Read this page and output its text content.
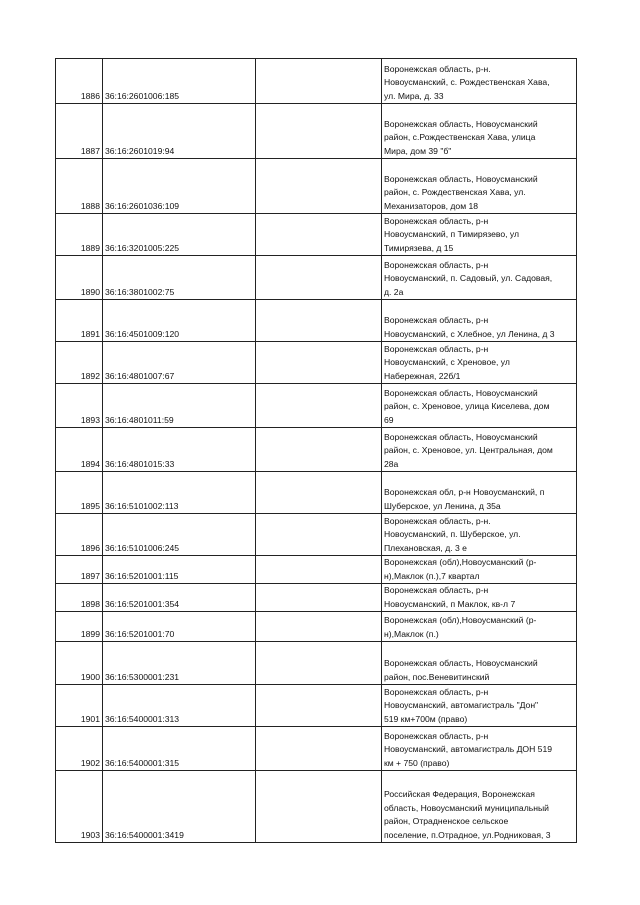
1886	36:16:2601006:185		Воронежская область, р-н.
Новоусманский, с. Рождественская Хава,
ул. Мира, д. 33

1887	36:16:2601019:94		Воронежская область, Новоусманский
район, с.Рождественская Хава, улица
Мира, дом 39 "б"

1888	36:16:2601036:109		Воронежская область, Новоусманский
район, с. Рождественская Хава, ул.
Механизаторов, дом 18

1889	36:16:3201005:225		Воронежская область, р-н
Новоусманский, п Тимирязево, ул
Тимирязева, д 15

1890	36:16:3801002:75		Воронежская область, р-н
Новоусманский, п. Садовый, ул. Садовая,
д. 2а

1891	36:16:4501009:120		Воронежская область, р-н
Новоусманский, с Хлебное, ул Ленина, д 3

1892	36:16:4801007:67		Воронежская область, р-н
Новоусманский, с Хреновое, ул
Набережная, 22б/1

1893	36:16:4801011:59		Воронежская область, Новоусманский
район, с. Хреновое, улица Киселева, дом
69

1894	36:16:4801015:33		Воронежская область, Новоусманский
район, с. Хреновое, ул. Центральная, дом
28а

1895	36:16:5101002:113		Воронежская обл, р-н Новоусманский, п
Шуберское, ул Ленина, д 35а

1896	36:16:5101006:245		Воронежская область, р-н.
Новоусманский, п. Шуберское, ул.
Плехановская, д. 3 е

1897	36:16:5201001:115		Воронежская (обл),Новоусманский (р-
н),Маклок (п.),7 квартал

1898	36:16:5201001:354		Воронежская область, р-н
Новоусманский, п Маклок, кв-л 7

1899	36:16:5201001:70		Воронежская (обл),Новоусманский (р-
н),Маклок (п.)

1900	36:16:5300001:231		Воронежская область, Новоусманский
район, пос.Веневитинский

1901	36:16:5400001:313		Воронежская область, р-н
Новоусманский, автомагистраль "Дон"
519 км+700м (право)

1902	36:16:5400001:315		Воронежская область, р-н
Новоусманский, автомагистраль ДОН 519
км + 750 (право)

1903	36:16:5400001:3419		Российская Федерация, Воронежская
область, Новоусманский муниципальный
район, Отрадненское сельское
поселение, п.Отрадное, ул.Родниковая, 3
